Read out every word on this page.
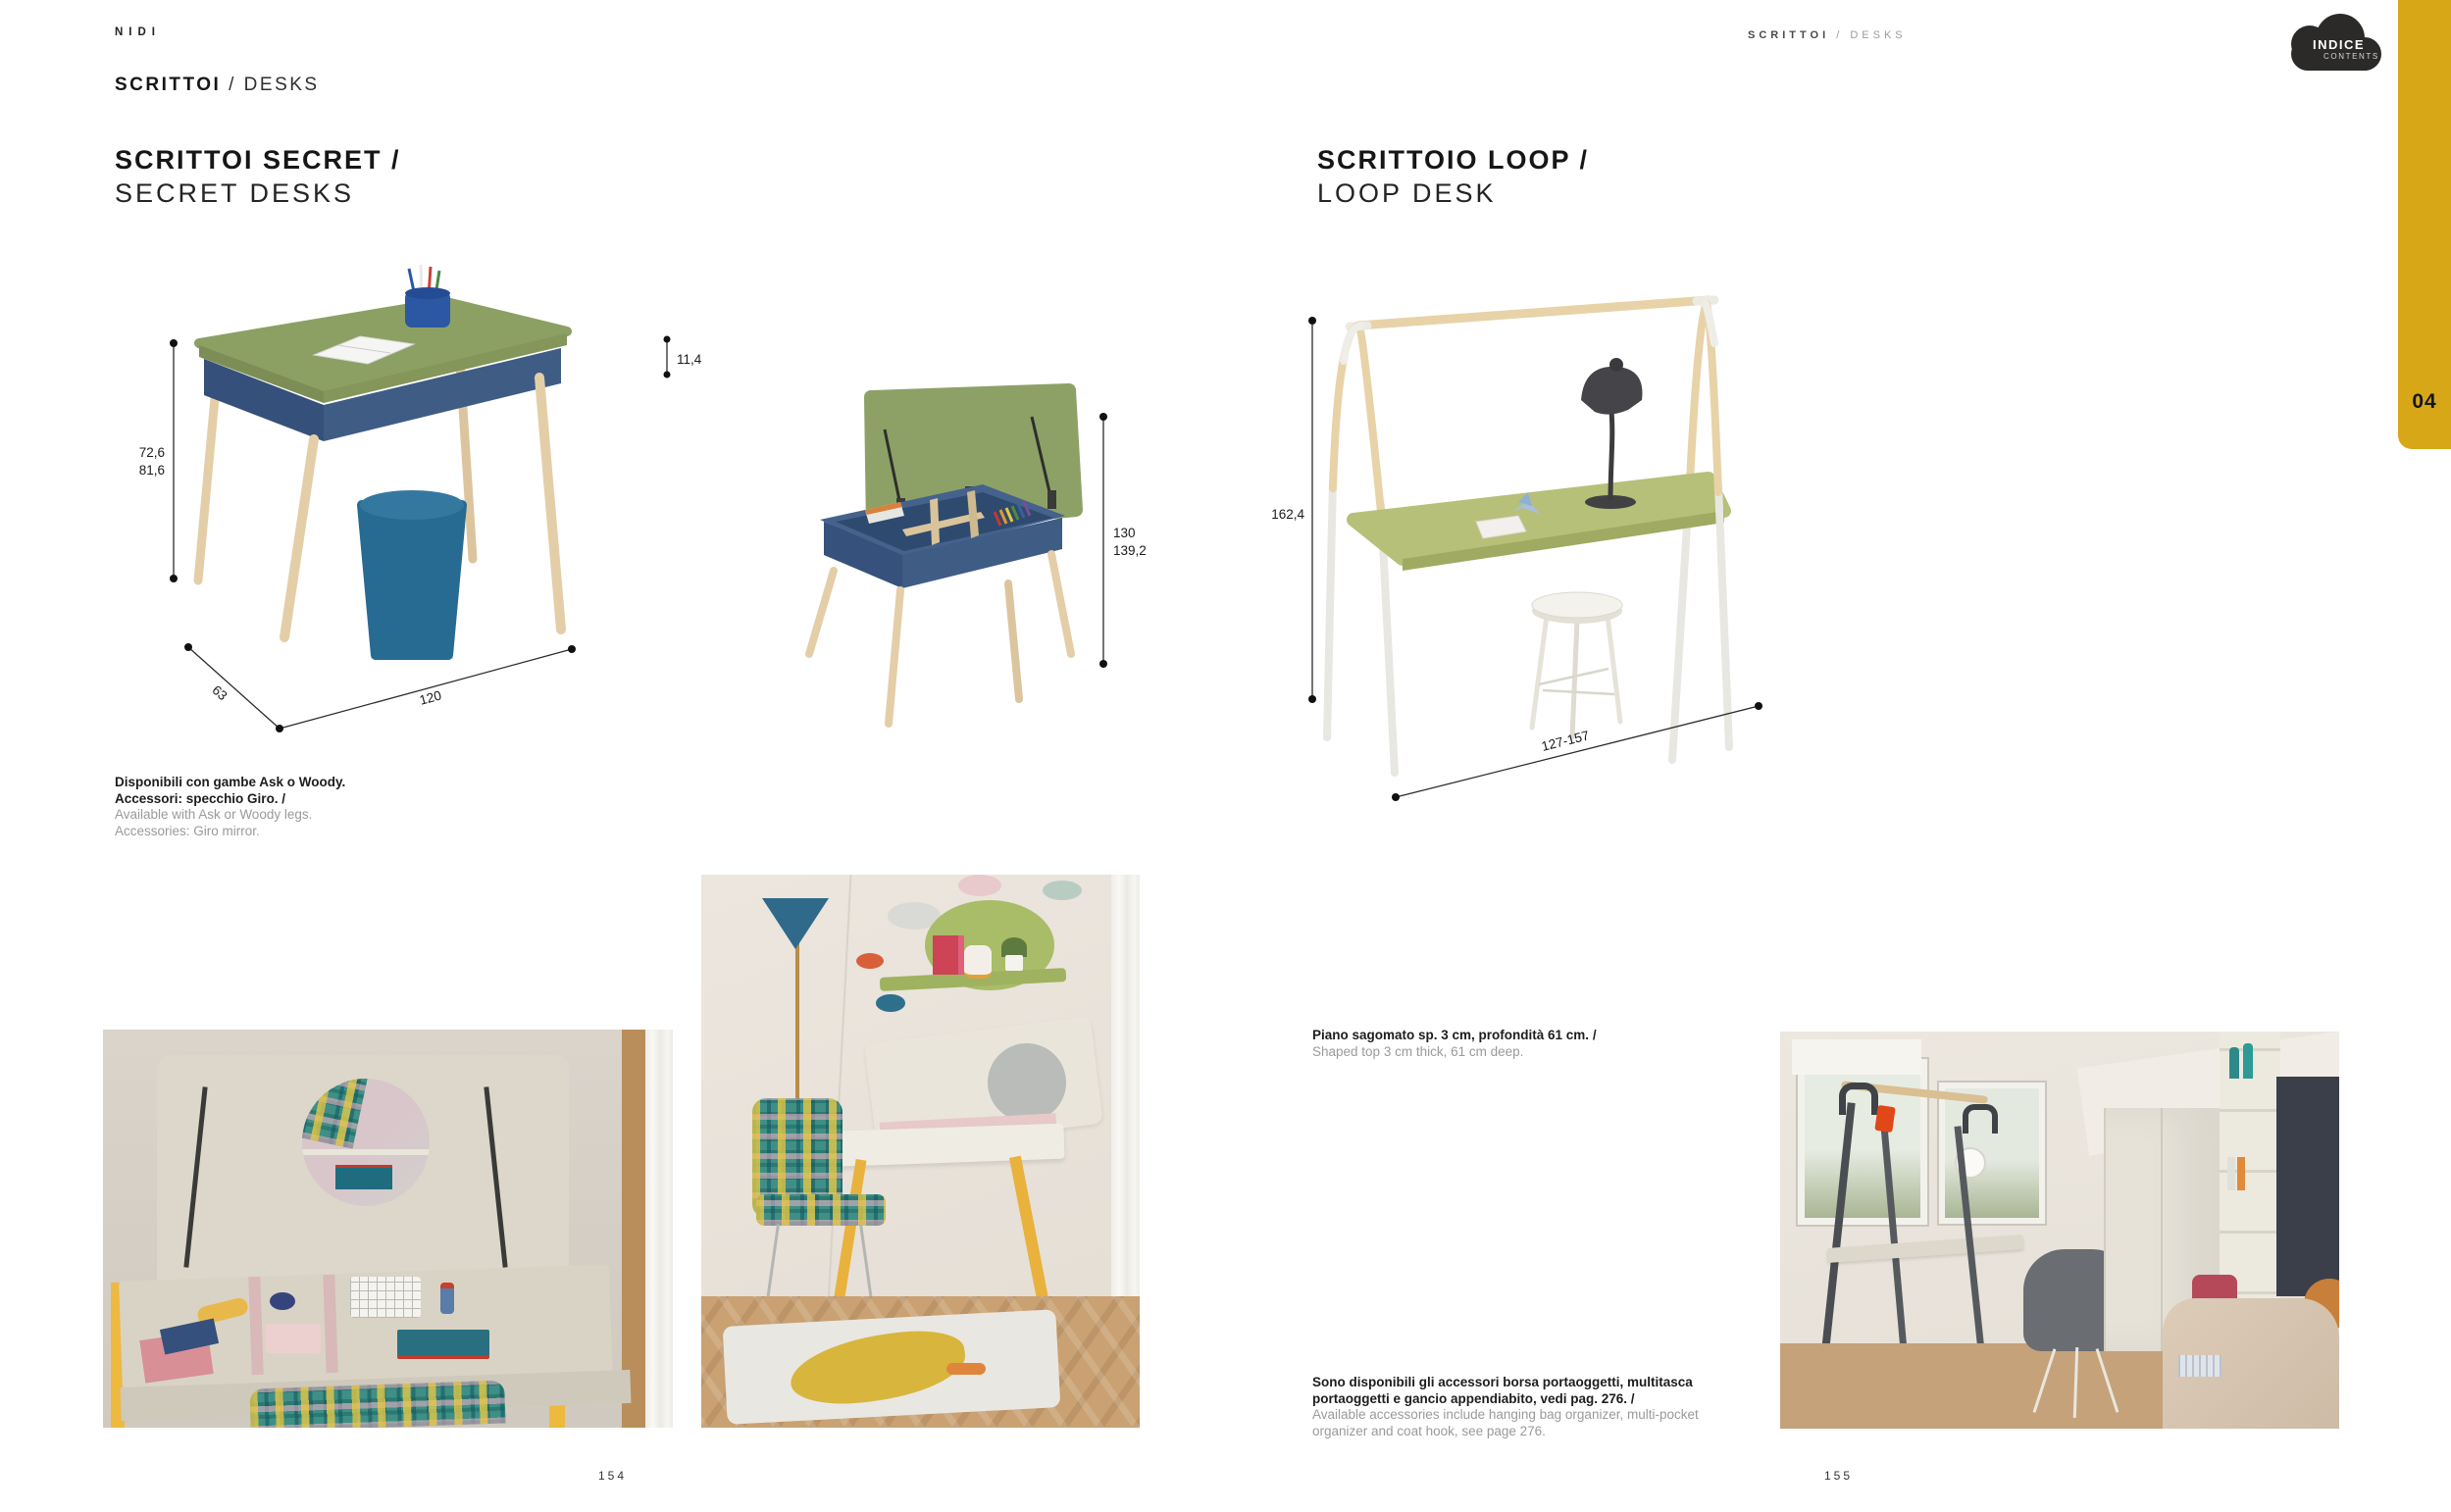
NIDI
SCRITTOI / DESKS
SCRITTOI / DESKS
INDICE
CONTENTS
04
SCRITTOI SECRET /
SECRET DESKS
SCRITTOIO LOOP /
LOOP DESK
72,6
81,6
11,4
63	120
130
139,2
162,4
127-157
Disponibili con gambe Ask o Woody.
Accessori: specchio Giro. /
Available with Ask or Woody legs.
Accessories: Giro mirror.
Piano sagomato sp. 3 cm, profondità 61 cm. /
Shaped top 3 cm thick, 61 cm deep.
Sono disponibili gli accessori borsa portaoggetti, multitasca
portaoggetti e gancio appendiabito, vedi pag. 276. /
Available accessories include hanging bag organizer, multi-pocket
organizer and coat hook, see page 276.
154	155
